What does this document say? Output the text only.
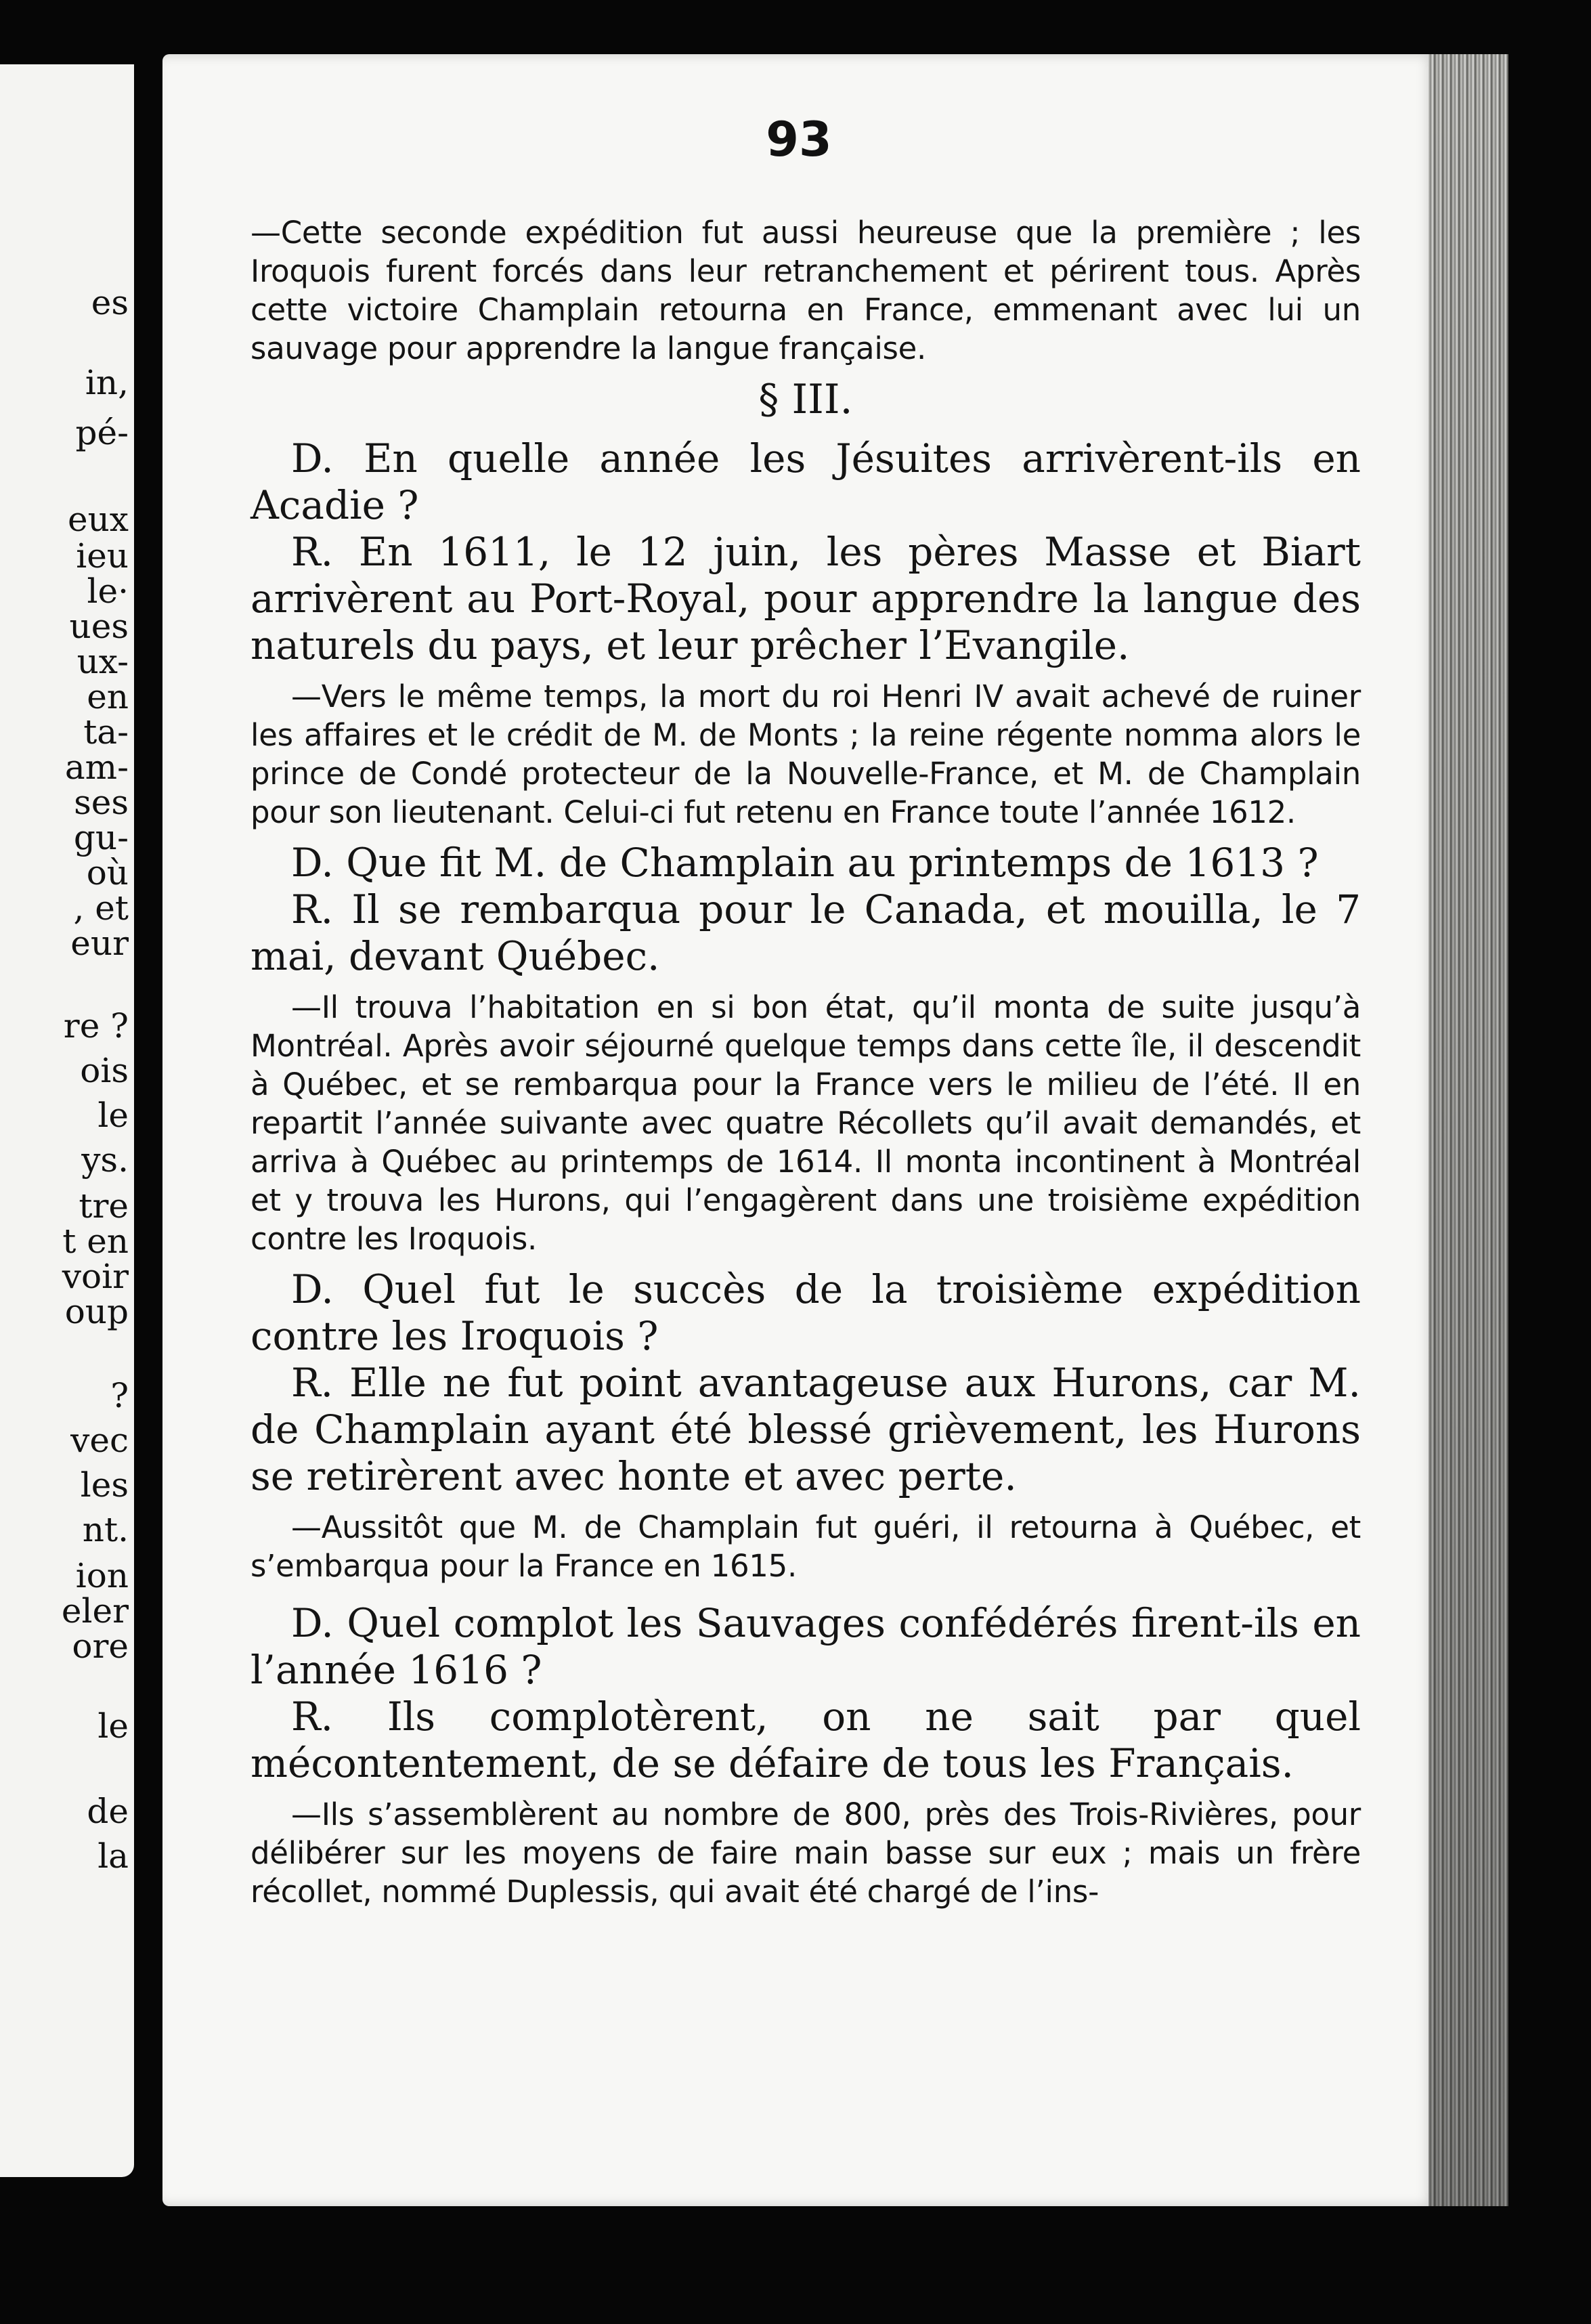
es
in,
pé-
eux
ieu
le·
ues
ux-
en
ta-
am-
ses
gu-
où
, et
eur
re ?
ois
le
ys.
tre
t en
voir
oup
?
vec
les
nt.
ion
eler
ore
le
de
la
93

—Cette seconde expédition fut aussi heureuse que la première ; les Iroquois furent forcés dans leur retranchement et périrent tous. Après cette victoire Champlain retourna en France, emmenant avec lui un sauvage pour apprendre la langue française.

§ III.

D. En quelle année les Jésuites arrivèrent-ils en Acadie ?

R. En 1611, le 12 juin, les pères Masse et Biart arrivèrent au Port-Royal, pour apprendre la langue des naturels du pays, et leur prêcher l’Evangile.

—Vers le même temps, la mort du roi Henri IV avait achevé de ruiner les affaires et le crédit de M. de Monts ; la reine régente nomma alors le prince de Condé protecteur de la Nouvelle-France, et M. de Champlain pour son lieutenant. Celui-ci fut retenu en France toute l’année 1612.

D. Que fit M. de Champlain au printemps de 1613 ?

R. Il se rembarqua pour le Canada, et mouilla, le 7 mai, devant Québec.

—Il trouva l’habitation en si bon état, qu’il monta de suite jusqu’à Montréal. Après avoir séjourné quelque temps dans cette île, il descendit à Québec, et se rembarqua pour la France vers le milieu de l’été. Il en repartit l’année suivante avec quatre Récollets qu’il avait demandés, et arriva à Québec au printemps de 1614. Il monta incontinent à Montréal et y trouva les Hurons, qui l’engagèrent dans une troisième expédition contre les Iroquois.

D. Quel fut le succès de la troisième expédition contre les Iroquois ?

R. Elle ne fut point avantageuse aux Hurons, car M. de Champlain ayant été blessé grièvement, les Hurons se retirèrent avec honte et avec perte.

—Aussitôt que M. de Champlain fut guéri, il retourna à Québec, et s’embarqua pour la France en 1615.

D. Quel complot les Sauvages confédérés firent-ils en l’année 1616 ?

R. Ils complotèrent, on ne sait par quel mécontentement, de se défaire de tous les Français.

—Ils s’assemblèrent au nombre de 800, près des Trois-Rivières, pour délibérer sur les moyens de faire main basse sur eux ; mais un frère récollet, nommé Duplessis, qui avait été chargé de l’ins-
